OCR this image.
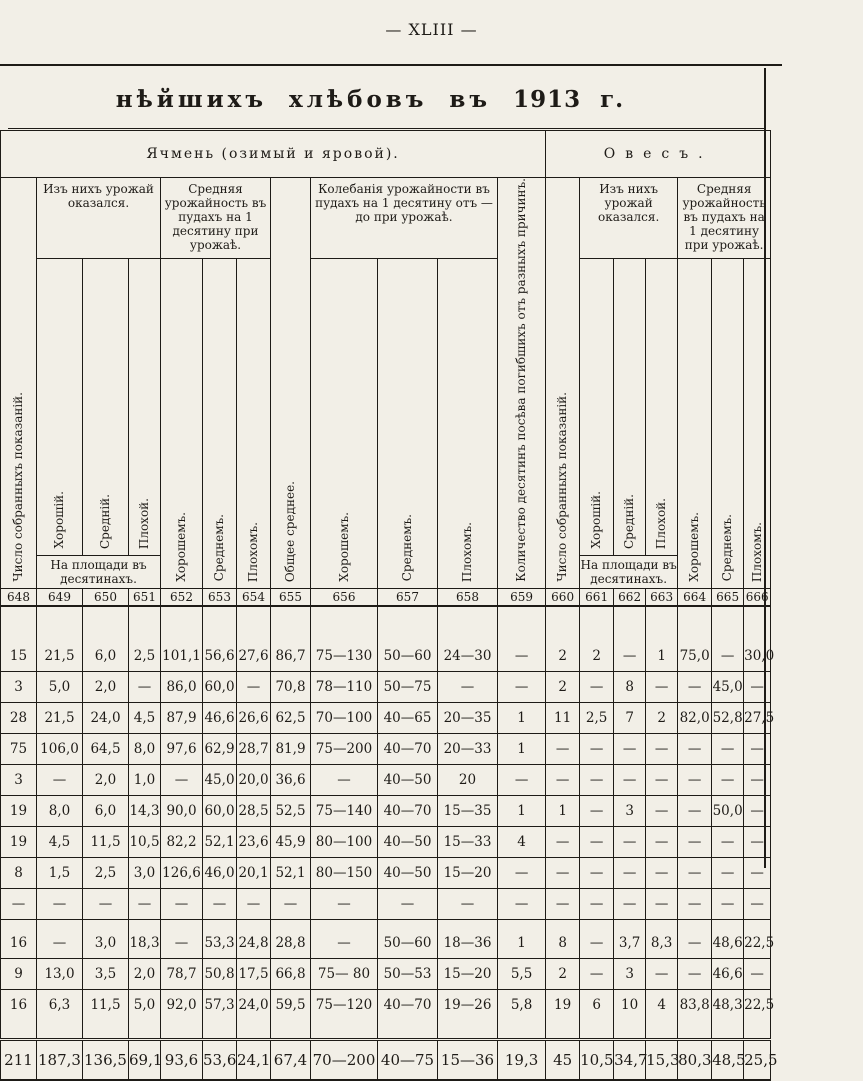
— XLIII —
нѣйшихъ хлѣбовъ въ 1913 г.
Ячмень (озимый и яровой).												Овесъ.						

Число собранныхъ показаній.	Изъ нихъ урожай оказался.			Средняя урожайность въ пудахъ на 1 десятину при урожаѣ.			Общее среднее.	Колебанія урожайности въ пудахъ на 1 десятину отъ — до при урожаѣ.			Количество десятинъ посѣва погибшихъ отъ разныхъ причинъ.	Число собранныхъ показаній.	Изъ нихъ урожай оказался.			Средняя урожайность въ пудахъ на 1 десятину при урожаѣ.		

	Хорошій.	Средній.	Плохой.	Хорошемъ.	Среднемъ.	Плохомъ.		Хорошемъ.	Среднемъ.	Плохомъ.			Хорошій.	Средній.	Плохой.	Хорошемъ.	Среднемъ.	Плохомъ.

	На площади въ десятинахъ.												На площади въ десятинахъ.					
648	649	650	651	652	653	654	655	656	657	658	659	660	661	662	663	664	665	666
15	21,5	6,0	2,5	101,1	56,6	27,6	86,7	75—130	50—60	24—30	—	2	2	—	1	75,0	—	30,0
3	5,0	2,0	—	86,0	60,0	—	70,8	78—110	50—75	—	—	2	—	8	—	—	45,0	—
28	21,5	24,0	4,5	87,9	46,6	26,6	62,5	70—100	40—65	20—35	1	11	2,5	7	2	82,0	52,8	27,5
75	106,0	64,5	8,0	97,6	62,9	28,7	81,9	75—200	40—70	20—33	1	—	—	—	—	—	—	—
3	—	2,0	1,0	—	45,0	20,0	36,6	—	40—50	20	—	—	—	—	—	—	—	—
19	8,0	6,0	14,3	90,0	60,0	28,5	52,5	75—140	40—70	15—35	1	1	—	3	—	—	50,0	—
19	4,5	11,5	10,5	82,2	52,1	23,6	45,9	80—100	40—50	15—33	4	—	—	—	—	—	—	—
8	1,5	2,5	3,0	126,6	46,0	20,1	52,1	80—150	40—50	15—20	—	—	—	—	—	—	—	—
—	—	—	—	—	—	—	—	—	—	—	—	—	—	—	—	—	—	—
16	—	3,0	18,3	—	53,3	24,8	28,8	—	50—60	18—36	1	8	—	3,7	8,3	—	48,6	22,5
9	13,0	3,5	2,0	78,7	50,8	17,5	66,8	75— 80	50—53	15—20	5,5	2	—	3	—	—	46,6	—
16	6,3	11,5	5,0	92,0	57,3	24,0	59,5	75—120	40—70	19—26	5,8	19	6	10	4	83,8	48,3	22,5
211	187,3	136,5	69,1	93,6	53,6	24,1	67,4	70—200	40—75	15—36	19,3	45	10,5	34,7	15,3	80,3	48,5	25,5
